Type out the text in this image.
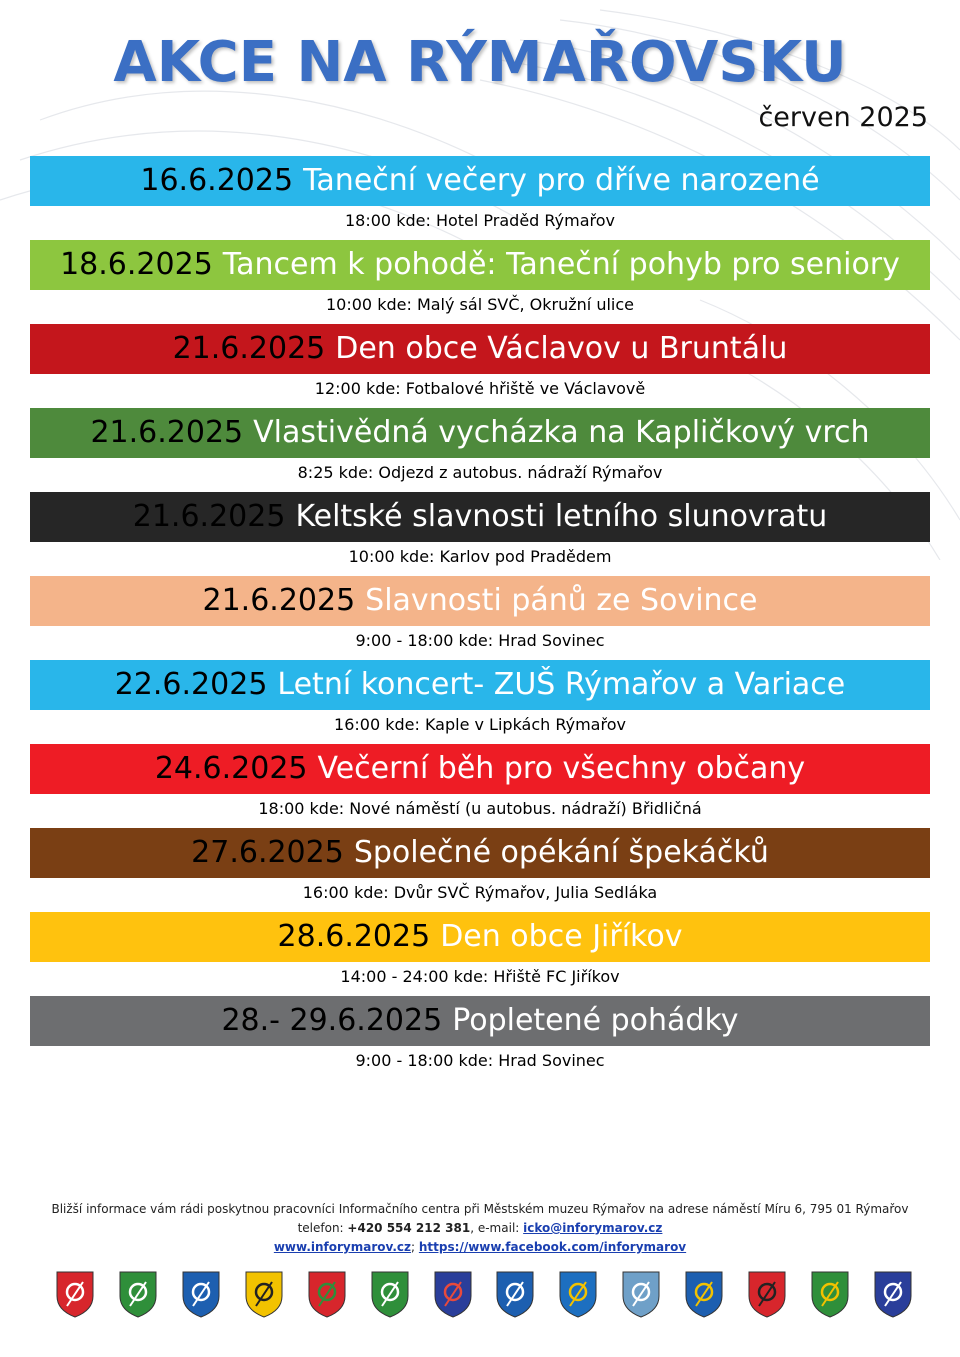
AKCE NA RÝMAŘOVSKU
červen 2025
16.6.2025 Taneční večery pro dříve narozené
18:00 kde: Hotel Praděd Rýmařov
18.6.2025 Tancem k pohodě: Taneční pohyb pro seniory
10:00 kde: Malý sál SVČ, Okružní ulice
21.6.2025 Den obce Václavov u Bruntálu
12:00 kde: Fotbalové hřiště ve Václavově
21.6.2025 Vlastivědná vycházka na Kapličkový vrch
8:25 kde: Odjezd z autobus. nádraží Rýmařov
21.6.2025 Keltské slavnosti letního slunovratu
10:00 kde: Karlov pod Pradědem
21.6.2025 Slavnosti pánů ze Sovince
9:00 - 18:00 kde: Hrad Sovinec
22.6.2025 Letní koncert- ZUŠ Rýmařov a Variace
16:00 kde: Kaple v Lipkách Rýmařov
24.6.2025 Večerní běh pro všechny občany
18:00 kde: Nové náměstí (u autobus. nádraží) Břidličná
27.6.2025 Společné opékání špekáčků
16:00 kde: Dvůr SVČ Rýmařov, Julia Sedláka
28.6.2025 Den obce Jiříkov
14:00 - 24:00 kde: Hřiště FC Jiříkov
28.- 29.6.2025 Popletené pohádky
9:00 - 18:00 kde: Hrad Sovinec
Bližší informace vám rádi poskytnou pracovníci Informačního centra při Městském muzeu Rýmařov na adrese náměstí Míru 6, 795 01 Rýmařov
telefon: +420 554 212 381, e-mail: icko@inforymarov.cz
www.inforymarov.cz; https://www.facebook.com/inforymarov
